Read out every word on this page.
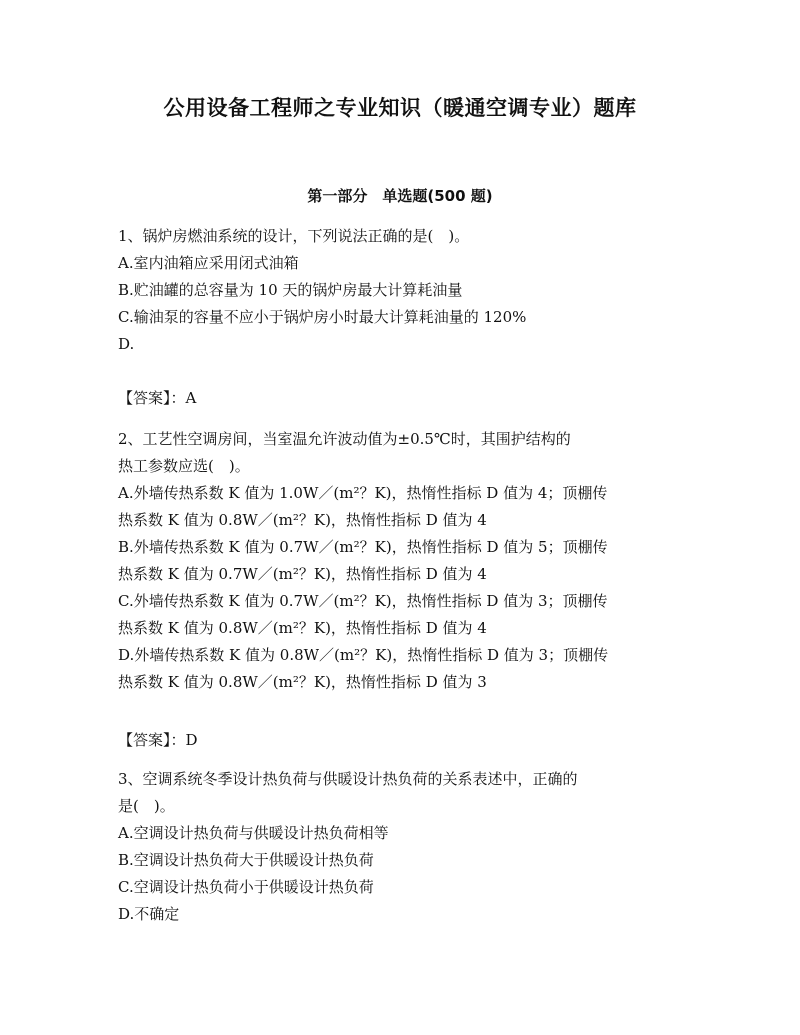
公用设备工程师之专业知识（暖通空调专业）题库
第一部分　单选题(500 题)
1、锅炉房燃油系统的设计，下列说法正确的是(　)。
A.室内油箱应采用闭式油箱
B.贮油罐的总容量为 10 天的锅炉房最大计算耗油量
C.输油泵的容量不应小于锅炉房小时最大计算耗油量的 120%
D.
【答案】：A
2、工艺性空调房间，当室温允许波动值为±0.5℃时，其围护结构的
热工参数应选(　)。
A.外墙传热系数 K 值为 1.0W／(m²？K)，热惰性指标 D 值为 4；顶棚传
热系数 K 值为 0.8W／(m²？K)，热惰性指标 D 值为 4
B.外墙传热系数 K 值为 0.7W／(m²？K)，热惰性指标 D 值为 5；顶棚传
热系数 K 值为 0.7W／(m²？K)，热惰性指标 D 值为 4
C.外墙传热系数 K 值为 0.7W／(m²？K)，热惰性指标 D 值为 3；顶棚传
热系数 K 值为 0.8W／(m²？K)，热惰性指标 D 值为 4
D.外墙传热系数 K 值为 0.8W／(m²？K)，热惰性指标 D 值为 3；顶棚传
热系数 K 值为 0.8W／(m²？K)，热惰性指标 D 值为 3
【答案】：D
3、空调系统冬季设计热负荷与供暖设计热负荷的关系表述中，正确的
是(　)。
A.空调设计热负荷与供暖设计热负荷相等
B.空调设计热负荷大于供暖设计热负荷
C.空调设计热负荷小于供暖设计热负荷
D.不确定
